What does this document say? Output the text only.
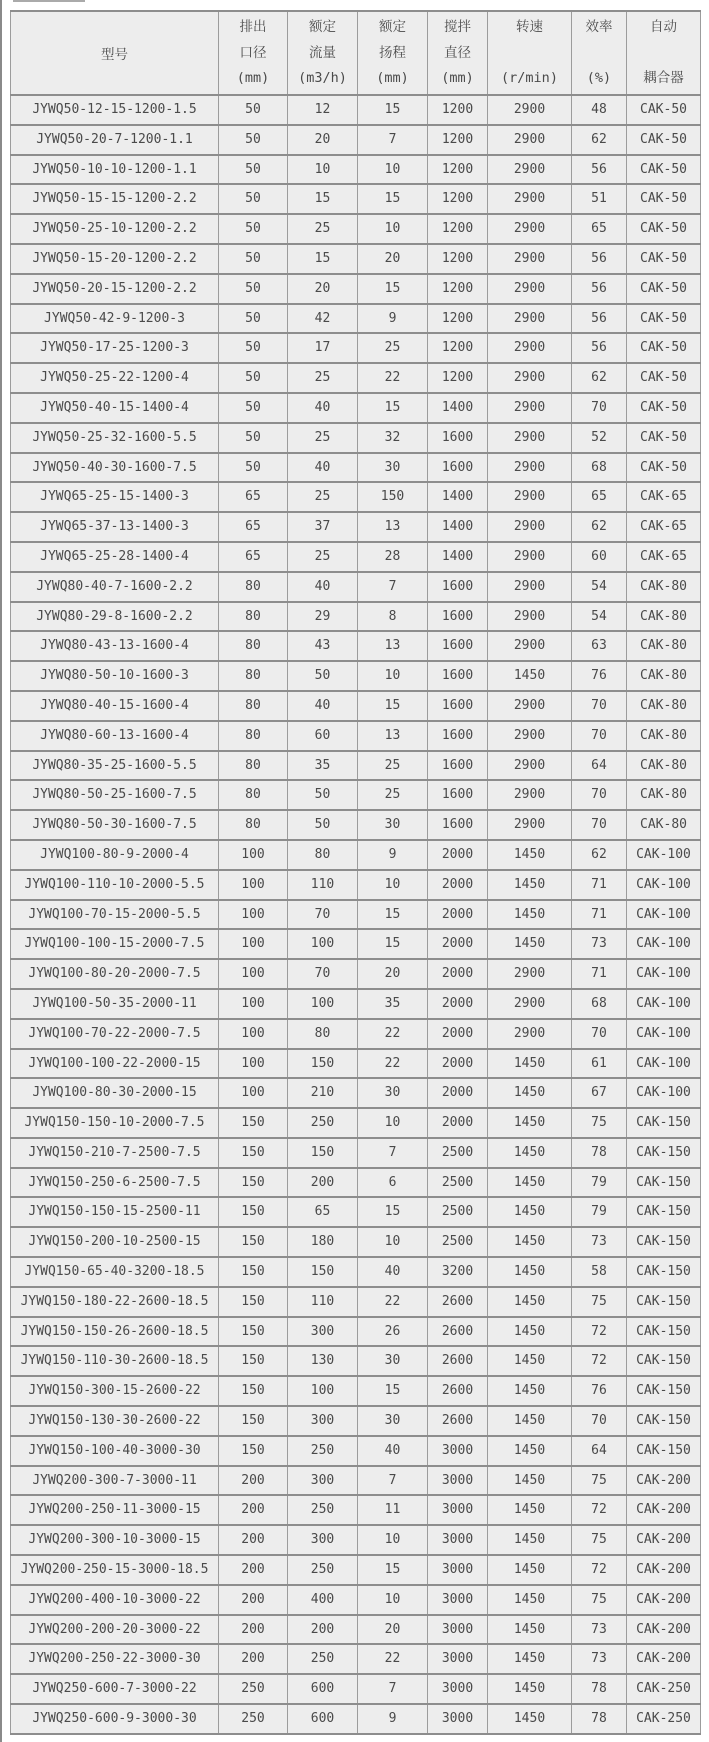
型号

排出
口径
(mm)

额定
流量
(m3/h)

额定
扬程
(mm)

搅拌
直径
(mm)

转速
(r/min)

效率
(%)

自动
耦合器

JYWQ50-12-15-1200-1.5	50	12	15	1200	2900	48	CAK-50
JYWQ50-20-7-1200-1.1	50	20	7	1200	2900	62	CAK-50
JYWQ50-10-10-1200-1.1	50	10	10	1200	2900	56	CAK-50
JYWQ50-15-15-1200-2.2	50	15	15	1200	2900	51	CAK-50
JYWQ50-25-10-1200-2.2	50	25	10	1200	2900	65	CAK-50
JYWQ50-15-20-1200-2.2	50	15	20	1200	2900	56	CAK-50
JYWQ50-20-15-1200-2.2	50	20	15	1200	2900	56	CAK-50
JYWQ50-42-9-1200-3	50	42	9	1200	2900	56	CAK-50
JYWQ50-17-25-1200-3	50	17	25	1200	2900	56	CAK-50
JYWQ50-25-22-1200-4	50	25	22	1200	2900	62	CAK-50
JYWQ50-40-15-1400-4	50	40	15	1400	2900	70	CAK-50
JYWQ50-25-32-1600-5.5	50	25	32	1600	2900	52	CAK-50
JYWQ50-40-30-1600-7.5	50	40	30	1600	2900	68	CAK-50
JYWQ65-25-15-1400-3	65	25	150	1400	2900	65	CAK-65
JYWQ65-37-13-1400-3	65	37	13	1400	2900	62	CAK-65
JYWQ65-25-28-1400-4	65	25	28	1400	2900	60	CAK-65
JYWQ80-40-7-1600-2.2	80	40	7	1600	2900	54	CAK-80
JYWQ80-29-8-1600-2.2	80	29	8	1600	2900	54	CAK-80
JYWQ80-43-13-1600-4	80	43	13	1600	2900	63	CAK-80
JYWQ80-50-10-1600-3	80	50	10	1600	1450	76	CAK-80
JYWQ80-40-15-1600-4	80	40	15	1600	2900	70	CAK-80
JYWQ80-60-13-1600-4	80	60	13	1600	2900	70	CAK-80
JYWQ80-35-25-1600-5.5	80	35	25	1600	2900	64	CAK-80
JYWQ80-50-25-1600-7.5	80	50	25	1600	2900	70	CAK-80
JYWQ80-50-30-1600-7.5	80	50	30	1600	2900	70	CAK-80
JYWQ100-80-9-2000-4	100	80	9	2000	1450	62	CAK-100
JYWQ100-110-10-2000-5.5	100	110	10	2000	1450	71	CAK-100
JYWQ100-70-15-2000-5.5	100	70	15	2000	1450	71	CAK-100
JYWQ100-100-15-2000-7.5	100	100	15	2000	1450	73	CAK-100
JYWQ100-80-20-2000-7.5	100	70	20	2000	2900	71	CAK-100
JYWQ100-50-35-2000-11	100	100	35	2000	2900	68	CAK-100
JYWQ100-70-22-2000-7.5	100	80	22	2000	2900	70	CAK-100
JYWQ100-100-22-2000-15	100	150	22	2000	1450	61	CAK-100
JYWQ100-80-30-2000-15	100	210	30	2000	1450	67	CAK-100
JYWQ150-150-10-2000-7.5	150	250	10	2000	1450	75	CAK-150
JYWQ150-210-7-2500-7.5	150	150	7	2500	1450	78	CAK-150
JYWQ150-250-6-2500-7.5	150	200	6	2500	1450	79	CAK-150
JYWQ150-150-15-2500-11	150	65	15	2500	1450	79	CAK-150
JYWQ150-200-10-2500-15	150	180	10	2500	1450	73	CAK-150
JYWQ150-65-40-3200-18.5	150	150	40	3200	1450	58	CAK-150
JYWQ150-180-22-2600-18.5	150	110	22	2600	1450	75	CAK-150
JYWQ150-150-26-2600-18.5	150	300	26	2600	1450	72	CAK-150
JYWQ150-110-30-2600-18.5	150	130	30	2600	1450	72	CAK-150
JYWQ150-300-15-2600-22	150	100	15	2600	1450	76	CAK-150
JYWQ150-130-30-2600-22	150	300	30	2600	1450	70	CAK-150
JYWQ150-100-40-3000-30	150	250	40	3000	1450	64	CAK-150
JYWQ200-300-7-3000-11	200	300	7	3000	1450	75	CAK-200
JYWQ200-250-11-3000-15	200	250	11	3000	1450	72	CAK-200
JYWQ200-300-10-3000-15	200	300	10	3000	1450	75	CAK-200
JYWQ200-250-15-3000-18.5	200	250	15	3000	1450	72	CAK-200
JYWQ200-400-10-3000-22	200	400	10	3000	1450	75	CAK-200
JYWQ200-200-20-3000-22	200	200	20	3000	1450	73	CAK-200
JYWQ200-250-22-3000-30	200	250	22	3000	1450	73	CAK-200
JYWQ250-600-7-3000-22	250	600	7	3000	1450	78	CAK-250
JYWQ250-600-9-3000-30	250	600	9	3000	1450	78	CAK-250
